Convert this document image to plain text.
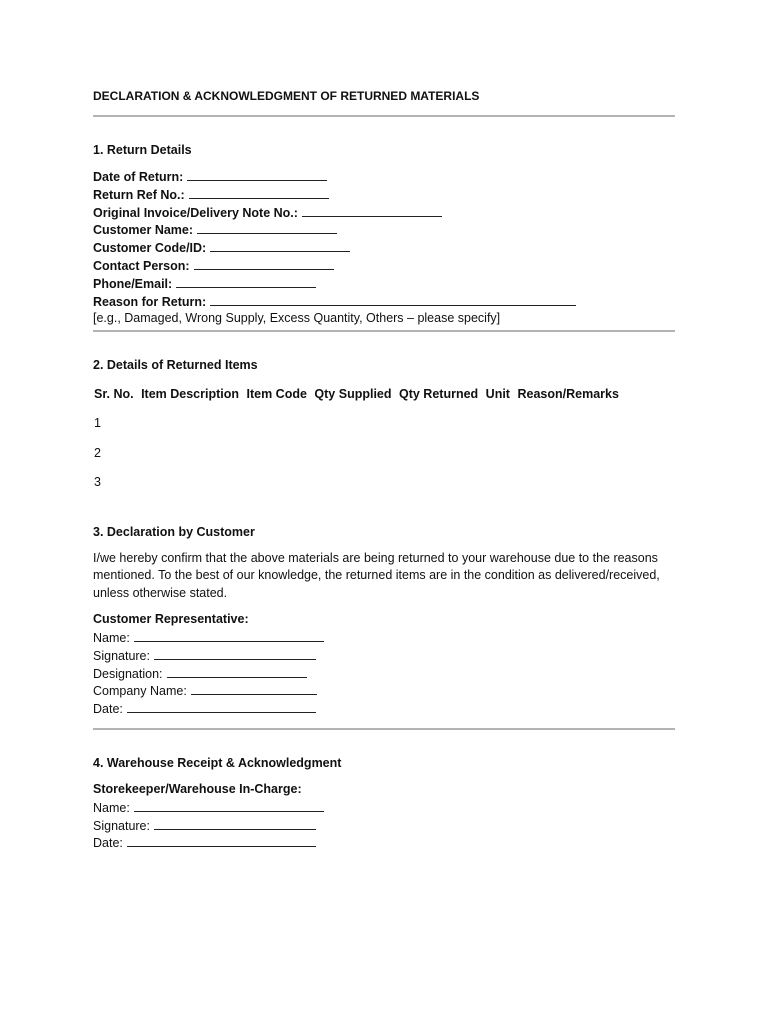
DECLARATION & ACKNOWLEDGMENT OF RETURNED MATERIALS
1. Return Details
Date of Return:
Return Ref No.:
Original Invoice/Delivery Note No.:
Customer Name:
Customer Code/ID:
Contact Person:
Phone/Email:
Reason for Return:
[e.g., Damaged, Wrong Supply, Excess Quantity, Others – please specify]
2. Details of Returned Items
Sr. No. Item Description Item Code Qty Supplied Qty Returned Unit Reason/Remarks
1
2
3
3. Declaration by Customer
I/we hereby confirm that the above materials are being returned to your warehouse due to the reasons mentioned. To the best of our knowledge, the returned items are in the condition as delivered/received, unless otherwise stated.
Customer Representative:
Name:
Signature:
Designation:
Company Name:
Date:
4. Warehouse Receipt & Acknowledgment
Storekeeper/Warehouse In-Charge:
Name:
Signature:
Date:
